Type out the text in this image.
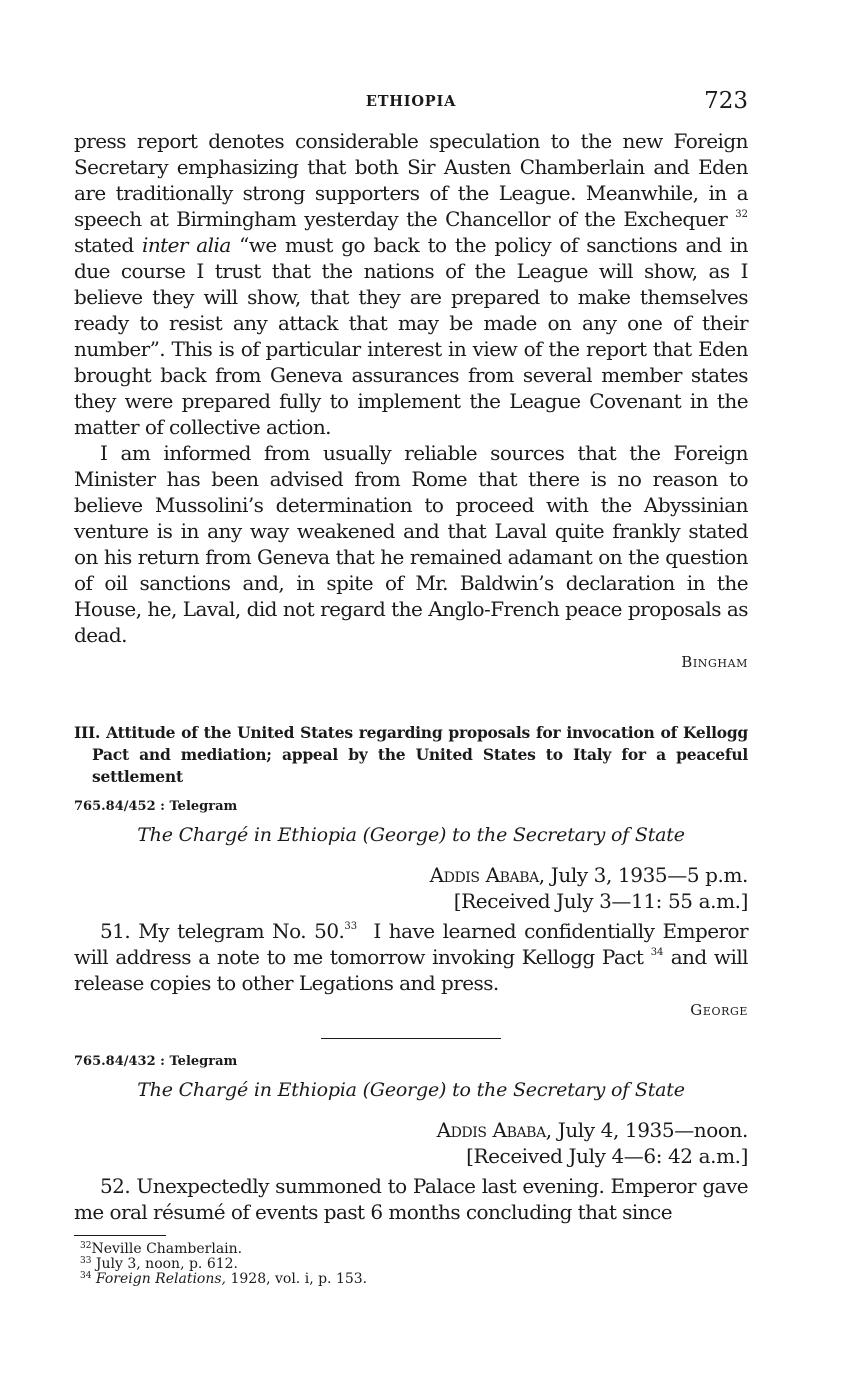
ETHIOPIA	723

press report denotes considerable speculation to the new Foreign Secretary emphasizing that both Sir Austen Chamberlain and Eden are traditionally strong supporters of the League. Meanwhile, in a speech at Birmingham yesterday the Chancellor of the Exchequer $^{32}$ stated inter alia “we must go back to the policy of sanctions and in due course I trust that the nations of the League will show, as I believe they will show, that they are prepared to make themselves ready to resist any attack that may be made on any one of their number”. This is of particular interest in view of the report that Eden brought back from Geneva assurances from several member states they were prepared fully to implement the League Covenant in the matter of collective action.

I am informed from usually reliable sources that the Foreign Minister has been advised from Rome that there is no reason to believe Mussolini’s determination to proceed with the Abyssinian venture is in any way weakened and that Laval quite frankly stated on his return from Geneva that he remained adamant on the question of oil sanctions and, in spite of Mr. Baldwin’s declaration in the House, he, Laval, did not regard the Anglo-French peace proposals as dead.

Bingham

III. Attitude of the United States regarding proposals for invocation of Kellogg Pact and mediation; appeal by the United States to Italy for a peaceful settlement

765.84/452 : Telegram
The Chargé in Ethiopia (George) to the Secretary of State
Addis Ababa, July 3, 1935—5 p.m.
[Received July 3—11: 55 a.m.]

51. My telegram No. 50.33 I have learned confidentially Emperor will address a note to me tomorrow invoking Kellogg Pact $^{34}$ and will release copies to other Legations and press.

George
765.84/432 : Telegram
The Chargé in Ethiopia (George) to the Secretary of State
Addis Ababa, July 4, 1935—noon.
[Received July 4—6: 42 a.m.]

52. Unexpectedly summoned to Palace last evening. Emperor gave me oral résumé of events past 6 months concluding that since

$^{32}$Neville Chamberlain.
$^{33}$ July 3, noon, p. 612.
$^{34}$ Foreign Relations, 1928, vol. i, p. 153.
